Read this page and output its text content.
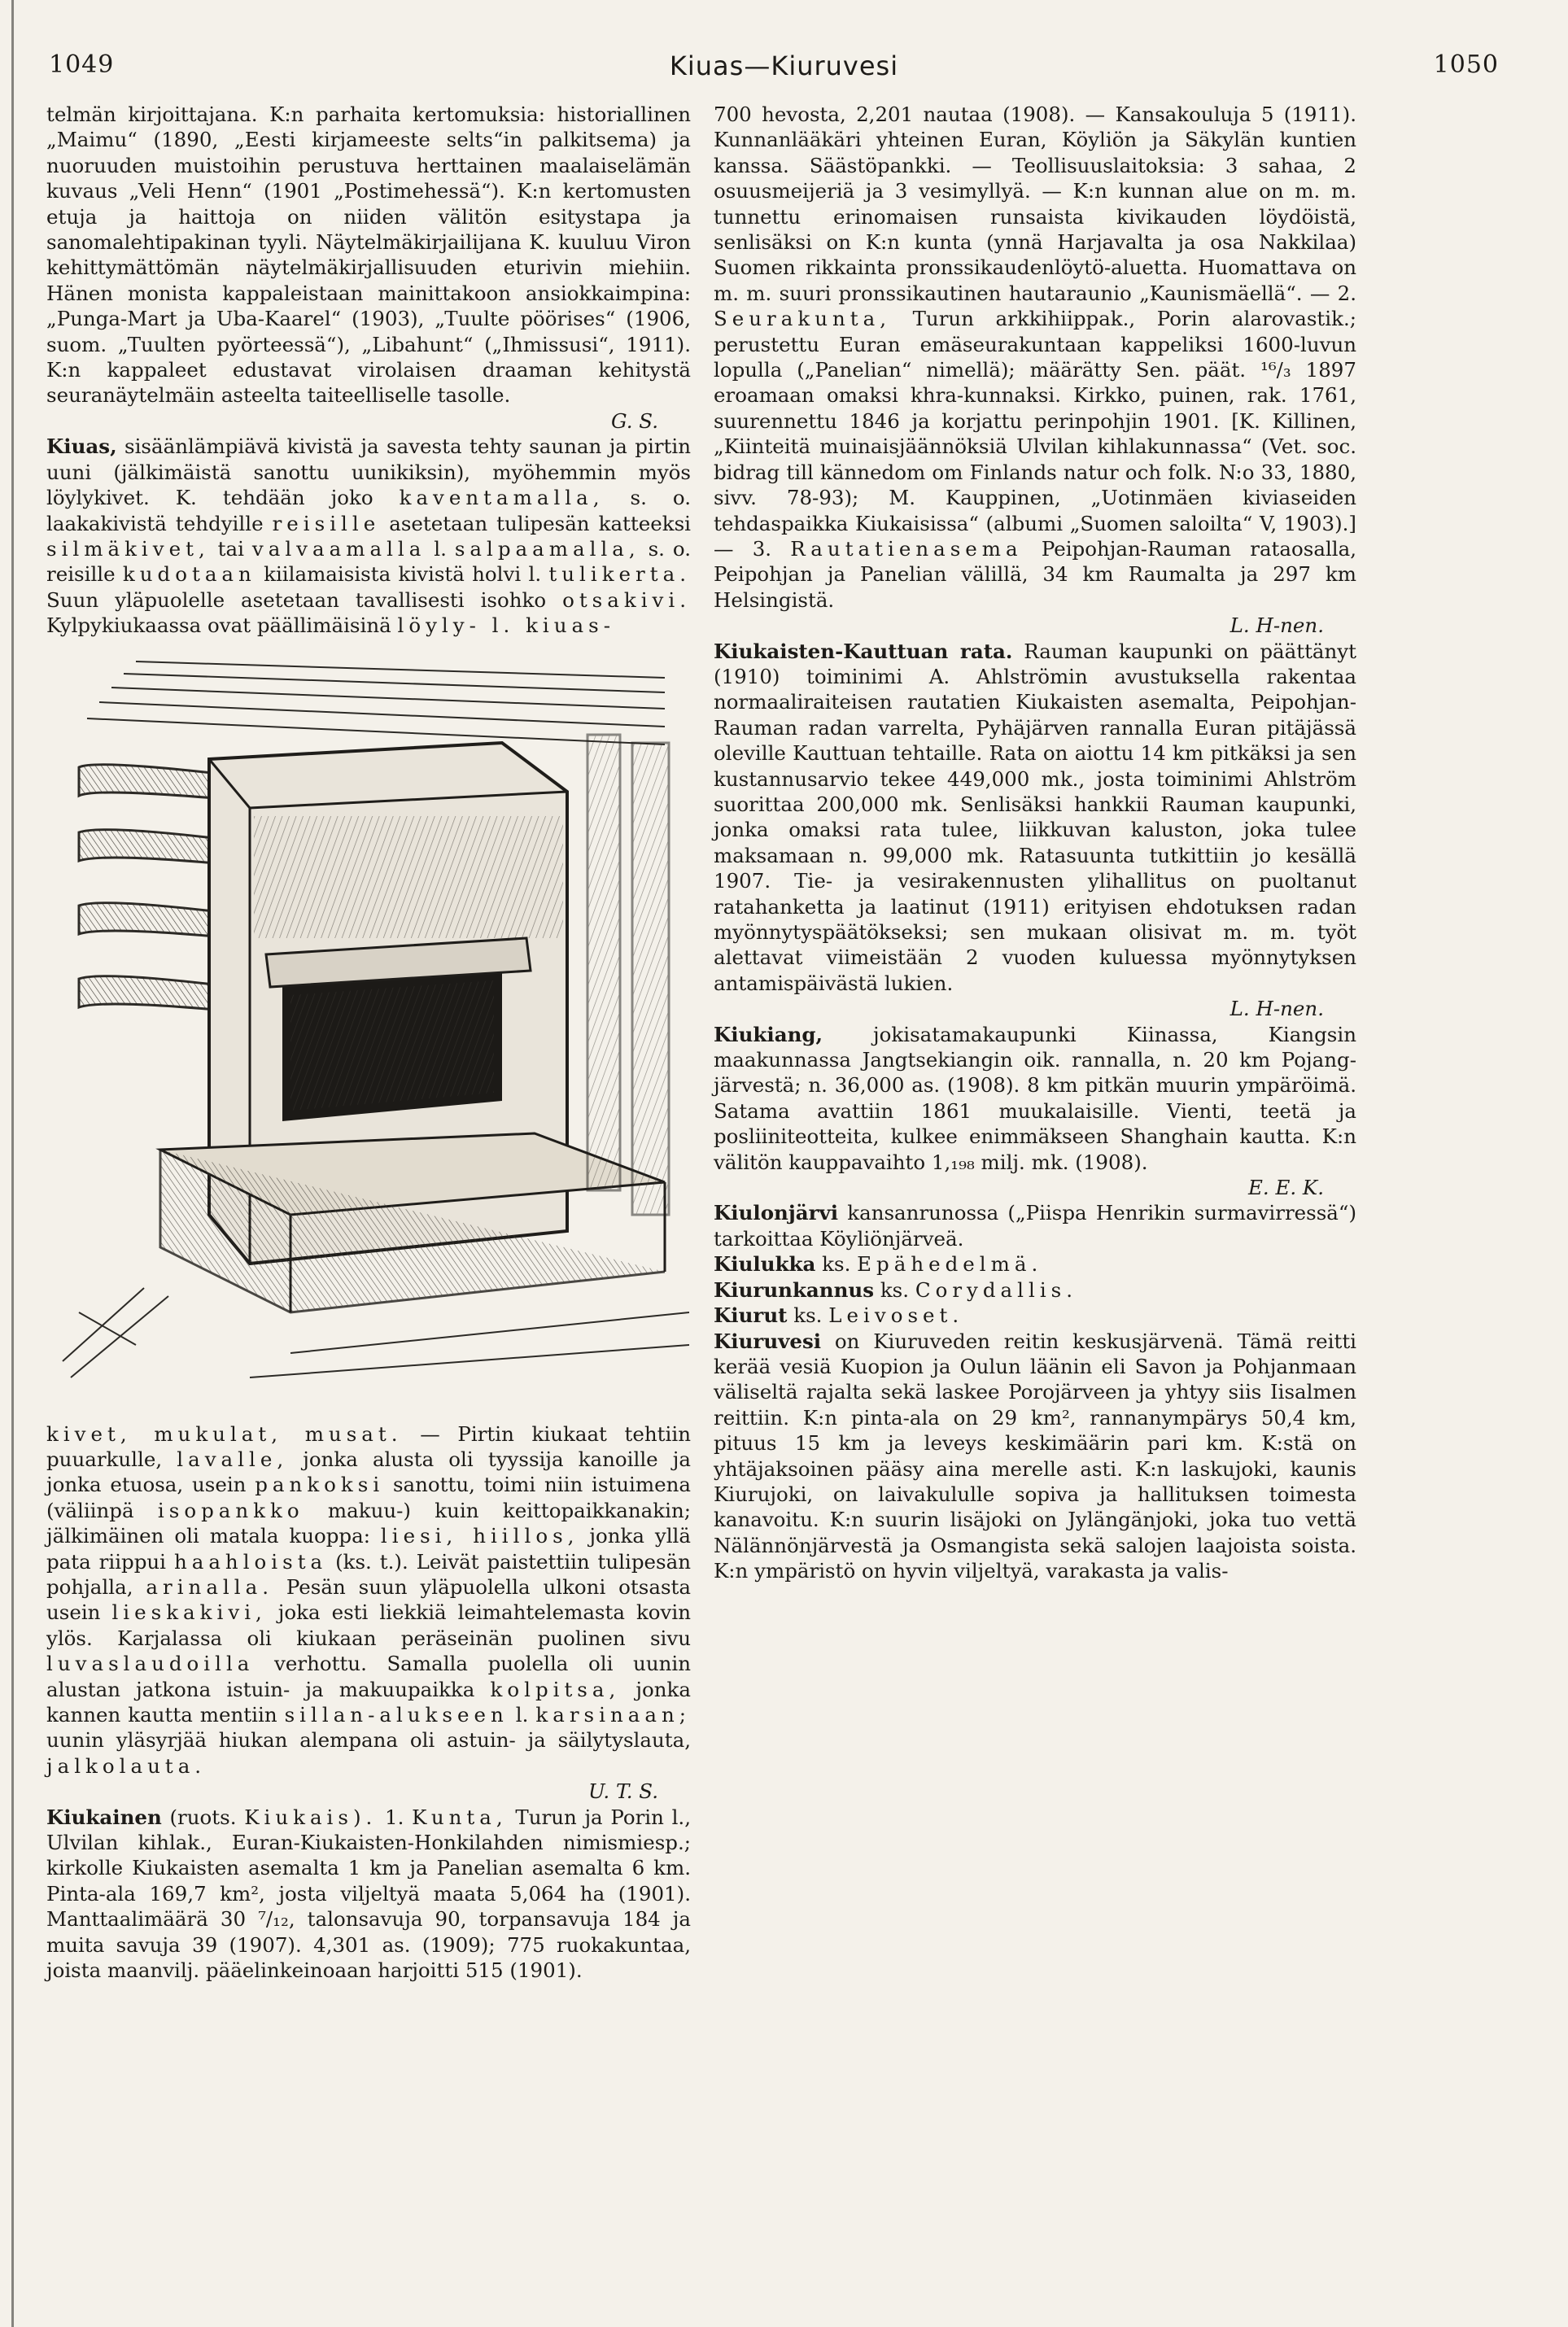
1049	Kiuas—Kiuruvesi	1050

telmän kirjoittajana. K:n parhaita kertomuksia: historiallinen „Maimu“ (1890, „Eesti kirjameeste selts“in palkitsema) ja nuoruuden muistoihin perustuva herttainen maalaiselämän kuvaus „Veli Henn“ (1901 „Postimehessä“). K:n kertomusten etuja ja haittoja on niiden välitön esitystapa ja sanomalehtipakinan tyyli. Näytelmäkirjailijana K. kuuluu Viron kehittymättömän näytelmäkirjallisuuden eturivin miehiin. Hänen monista kappaleistaan mainittakoon ansiokkaimpina: „Punga-Mart ja Uba-Kaarel“ (1903), „Tuulte pöörises“ (1906, suom. „Tuulten pyörteessä“), „Libahunt“ („Ihmissusi“, 1911). K:n kappaleet edustavat virolaisen draaman kehitystä seuranäytelmäin asteelta taiteelliselle tasolle.
G. S.

Kiuas, sisäänlämpiävä kivistä ja savesta tehty saunan ja pirtin uuni (jälkimäistä sanottu uunikiksin), myöhemmin myös löylykivet. K. tehdään joko kaventamalla, s. o. laakakivistä tehdyille reisille asetetaan tulipesän katteeksi silmäkivet, tai valvaamalla l. salpaamalla, s. o. reisille kudotaan kiilamaisista kivistä holvi l. tulikerta. Suun yläpuolelle asetetaan tavallisesti isohko otsakivi. Kylpykiukaassa ovat päällimäisinä löyly- l. kiuas-

kivet, mukulat, musat. — Pirtin kiukaat tehtiin puuarkulle, lavalle, jonka alusta oli tyyssija kanoille ja jonka etuosa, usein pankoksi sanottu, toimi niin istuimena (väliinpä isopankko makuu-) kuin keittopaikkanakin; jälkimäinen oli matala kuoppa: liesi, hiillos, jonka yllä pata riippui haahloista (ks. t.). Leivät paistettiin tulipesän pohjalla, arinalla. Pesän suun yläpuolella ulkoni otsasta usein lieskakivi, joka esti liekkiä leimahtelemasta kovin ylös. Karjalassa oli kiukaan peräseinän puolinen sivu luvaslaudoilla verhottu. Samalla puolella oli uunin alustan jatkona istuin- ja makuupaikka kolpitsa, jonka kannen kautta mentiin sillan-alukseen l. karsinaan; uunin yläsyrjää hiukan alempana oli astuin- ja säilytyslauta, jalkolauta.
U. T. S.

Kiukainen (ruots. Kiukais). 1. Kunta, Turun ja Porin l., Ulvilan kihlak., Euran-Kiukaisten-Honkilahden nimismiesp.; kirkolle Kiukaisten asemalta 1 km ja Panelian asemalta 6 km. Pinta-ala 169,7 km², josta viljeltyä maata 5,064 ha (1901). Manttaalimäärä 30 ⁷/₁₂, talonsavuja 90, torpansavuja 184 ja muita savuja 39 (1907). 4,301 as. (1909); 775 ruokakuntaa, joista maanvilj. pääelinkeinoaan harjoitti 515 (1901).

700 hevosta, 2,201 nautaa (1908). — Kansakouluja 5 (1911). Kunnanlääkäri yhteinen Euran, Köyliön ja Säkylän kuntien kanssa. Säästöpankki. — Teollisuuslaitoksia: 3 sahaa, 2 osuusmeijeriä ja 3 vesimyllyä. — K:n kunnan alue on m. m. tunnettu erinomaisen runsaista kivikauden löydöistä, senlisäksi on K:n kunta (ynnä Harjavalta ja osa Nakkilaa) Suomen rikkainta pronssikaudenlöytö-aluetta. Huomattava on m. m. suuri pronssikautinen hautaraunio „Kaunismäellä“. — 2. Seurakunta, Turun arkkihiippak., Porin alarovastik.; perustettu Euran emäseurakuntaan kappeliksi 1600-luvun lopulla („Panelian“ nimellä); määrätty Sen. päät. ¹⁶/₃ 1897 eroamaan omaksi khra-kunnaksi. Kirkko, puinen, rak. 1761, suurennettu 1846 ja korjattu perinpohjin 1901. [K. Killinen, „Kiinteitä muinaisjäännöksiä Ulvilan kihlakunnassa“ (Vet. soc. bidrag till kännedom om Finlands natur och folk. N:o 33, 1880, sivv. 78-93); M. Kauppinen, „Uotinmäen kiviaseiden tehdaspaikka Kiukaisissa“ (albumi „Suomen saloilta“ V, 1903).] — 3. Rautatienasema Peipohjan-Rauman rataosalla, Peipohjan ja Panelian välillä, 34 km Raumalta ja 297 km Helsingistä.
L. H-nen.

Kiukaisten-Kauttuan rata. Rauman kaupunki on päättänyt (1910) toiminimi A. Ahlströmin avustuksella rakentaa normaaliraiteisen rautatien Kiukaisten asemalta, Peipohjan-Rauman radan varrelta, Pyhäjärven rannalla Euran pitäjässä oleville Kauttuan tehtaille. Rata on aiottu 14 km pitkäksi ja sen kustannusarvio tekee 449,000 mk., josta toiminimi Ahlström suorittaa 200,000 mk. Senlisäksi hankkii Rauman kaupunki, jonka omaksi rata tulee, liikkuvan kaluston, joka tulee maksamaan n. 99,000 mk. Ratasuunta tutkittiin jo kesällä 1907. Tie- ja vesirakennusten ylihallitus on puoltanut ratahanketta ja laatinut (1911) erityisen ehdotuksen radan myönnytyspäätökseksi; sen mukaan olisivat m. m. työt alettavat viimeistään 2 vuoden kuluessa myönnytyksen antamispäivästä lukien.
L. H-nen.

Kiukiang, jokisatamakaupunki Kiinassa, Kiangsin maakunnassa Jangtsekiangin oik. rannalla, n. 20 km Pojang-järvestä; n. 36,000 as. (1908). 8 km pitkän muurin ympäröimä. Satama avattiin 1861 muukalaisille. Vienti, teetä ja posliiniteotteita, kulkee enimmäkseen Shanghain kautta. K:n välitön kauppavaihto 1,₁₉₈ milj. mk. (1908).
E. E. K.

Kiulonjärvi kansanrunossa („Piispa Henrikin surmavirressä“) tarkoittaa Köyliönjärveä.

Kiulukka ks. Epähedelmä.

Kiurunkannus ks. Corydallis.

Kiurut ks. Leivoset.

Kiuruvesi on Kiuruveden reitin keskusjärvenä. Tämä reitti kerää vesiä Kuopion ja Oulun läänin eli Savon ja Pohjanmaan väliseltä rajalta sekä laskee Porojärveen ja yhtyy siis Iisalmen reittiin. K:n pinta-ala on 29 km², rannanympärys 50,4 km, pituus 15 km ja leveys keskimäärin pari km. K:stä on yhtäjaksoinen pääsy aina merelle asti. K:n laskujoki, kaunis Kiurujoki, on laivakululle sopiva ja hallituksen toimesta kanavoitu. K:n suurin lisäjoki on Jylängänjoki, joka tuo vettä Nälännönjärvestä ja Osmangista sekä salojen laajoista soista. K:n ympäristö on hyvin viljeltyä, varakasta ja valis-
